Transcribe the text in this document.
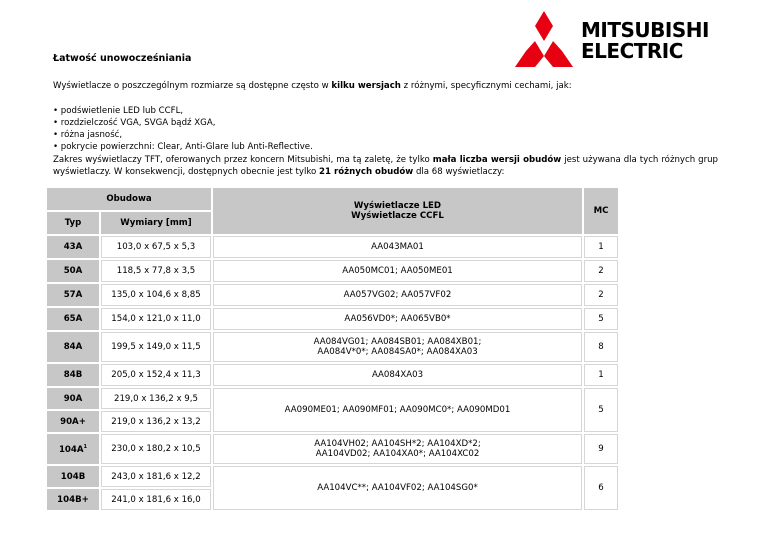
Łatwość unowocześniania
MITSUBISHI
ELECTRIC
Wyświetlacze o poszczególnym rozmiarze są dostępne często w kilku wersjach z różnymi, specyficznymi cechami, jak:
• podświetlenie LED lub CCFL,
• rozdzielczość VGA, SVGA bądź XGA,
• różna jasność,
• pokrycie powierzchni: Clear, Anti-Glare lub Anti-Reflective.
Zakres wyświetlaczy TFT, oferowanych przez koncern Mitsubishi, ma tą zaletę, że tylko mała liczba wersji obudów jest używana dla tych różnych grup wyświetlaczy. W konsekwencji, dostępnych obecnie jest tylko 21 różnych obudów dla 68 wyświetlaczy:
Obudowa		Wyświetlacze LED
Wyświetlacze CCFL	MC
Typ	Wymiary [mm]		
43A	103,0 x 67,5 x 5,3	AA043MA01	1
50A	118,5 x 77,8 x 3,5	AA050MC01; AA050ME01	2
57A	135,0 x 104,6 x 8,85	AA057VG02; AA057VF02	2
65A	154,0 x 121,0 x 11,0	AA056VD0*; AA065VB0*	5
84A	199,5 x 149,0 x 11,5	AA084VG01; AA084SB01; AA084XB01;
AA084V*0*; AA084SA0*; AA084XA03	8
84B	205,0 x 152,4 x 11,3	AA084XA03	1
90A	219,0 x 136,2 x 9,5	AA090ME01; AA090MF01; AA090MC0*; AA090MD01	5
90A+	219,0 x 136,2 x 13,2		
$104A^1$	230,0 x 180,2 x 10,5	AA104VH02; AA104SH*2; AA104XD*2;
AA104VD02; AA104XA0*; AA104XC02	9
104B	243,0 x 181,6 x 12,2	AA104VC**; AA104VF02; AA104SG0*	6
104B+	241,0 x 181,6 x 16,0		
